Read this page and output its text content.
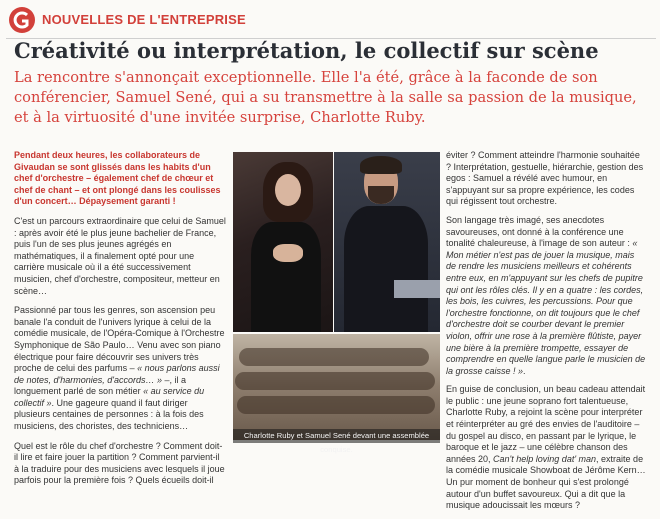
NOUVELLES DE L'ENTREPRISE
Créativité ou interprétation, le collectif sur scène
La rencontre s'annonçait exceptionnelle. Elle l'a été, grâce à la faconde de son conférencier, Samuel Sené, qui a su transmettre à la salle sa passion de la musique, et à la virtuosité d'une invitée surprise, Charlotte Ruby.

Pendant deux heures, les collaborateurs de Givaudan se sont glissés dans les habits d'un chef d'orchestre – également chef de chœur et chef de chant – et ont plongé dans les coulisses d'un concert… Dépaysement garanti !

C'est un parcours extraordinaire que celui de Samuel : après avoir été le plus jeune bachelier de France, puis l'un de ses plus jeunes agrégés en mathématiques, il a finalement opté pour une carrière musicale où il a été successivement musicien, chef d'orchestre, compositeur, metteur en scène…

Passionné par tous les genres, son ascension peu banale l'a conduit de l'univers lyrique à celui de la comédie musicale, de l'Opéra-Comique à l'Orchestre Symphonique de São Paulo… Venu avec son piano électrique pour faire découvrir ses univers très proche de celui des parfums – « nous parlons aussi de notes, d'harmonies, d'accords… » –, il a longuement parlé de son métier « au service du collectif ». Une gageure quand il faut diriger plusieurs centaines de personnes : à la fois des musiciens, des choristes, des techniciens…

Quel est le rôle du chef d'orchestre ? Comment doit-il lire et faire jouer la partition ? Comment parvient-il à la traduire pour des musiciens avec lesquels il joue parfois pour la première fois ? Quels écueils doit-il

Charlotte Ruby et Samuel Sené devant une assemblée conquise.

éviter ? Comment atteindre l'harmonie souhaitée ? Interprétation, gestuelle, hiérarchie, gestion des egos : Samuel a révélé avec humour, en s'appuyant sur sa propre expérience, les codes qui régissent tout orchestre.

Son langage très imagé, ses anecdotes savoureuses, ont donné à la conférence une tonalité chaleureuse, à l'image de son auteur : « Mon métier n'est pas de jouer la musique, mais de rendre les musiciens meilleurs et cohérents entre eux, en m'appuyant sur les chefs de pupitre qui ont les rôles clés. Il y en a quatre : les cordes, les bois, les cuivres, les percussions. Pour que l'orchestre fonctionne, on dit toujours que le chef d'orchestre doit se courber devant le premier violon, offrir une rose à la première flûtiste, payer une bière à la première trompette, essayer de comprendre en quelle langue parle le musicien de la grosse caisse ! ».

En guise de conclusion, un beau cadeau attendait le public : une jeune soprano fort talentueuse, Charlotte Ruby, a rejoint la scène pour interpréter et réinterpréter au gré des envies de l'auditoire – du gospel au disco, en passant par le lyrique, le baroque et le jazz – une célèbre chanson des années 20, Can't help loving dat' man, extraite de la comédie musicale Showboat de Jérôme Kern… Un pur moment de bonheur qui s'est prolongé autour d'un buffet savoureux. Qui a dit que la musique adoucissait les mœurs ?
